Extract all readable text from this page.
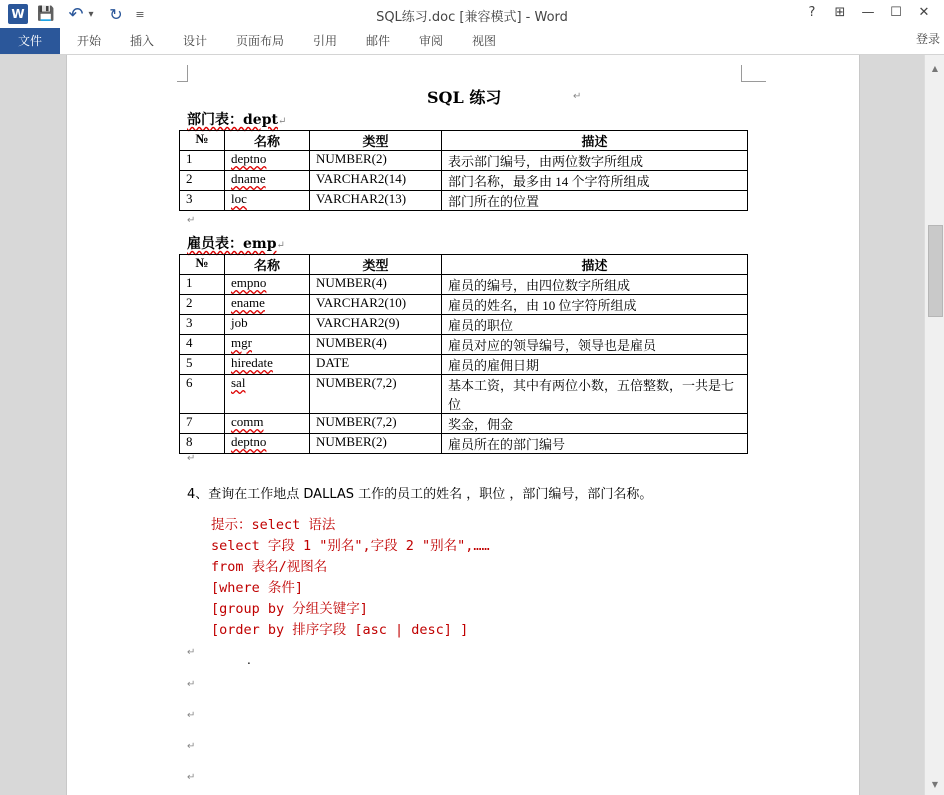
W 💾 ↶ ▾ ↻	≡	SQL练习.doc [兼容模式] - Word	?	⊞	—	☐	✕
文件	开始 插入 设计 页面布局 引用 邮件 审阅 视图	登录
SQL 练习	↵
部门表：dept↵
№	名称	类型	描述
1	deptno	NUMBER(2)	表示部门编号，由两位数字所组成
2	dname	VARCHAR2(14)	部门名称，最多由 14 个字符所组成
3	loc	VARCHAR2(13)	部门所在的位置
↵
雇员表：emp↵
№	名称	类型	描述
1	empno	NUMBER(4)	雇员的编号，由四位数字所组成
2	ename	VARCHAR2(10)	雇员的姓名，由 10 位字符所组成
3	job	VARCHAR2(9)	雇员的职位
4	mgr	NUMBER(4)	雇员对应的领导编号，领导也是雇员
5	hiredate	DATE	雇员的雇佣日期
6	sal	NUMBER(7,2)	基本工资，其中有两位小数，五倍整数，一共是七位
7	comm	NUMBER(7,2)	奖金，佣金
8	deptno	NUMBER(2)	雇员所在的部门编号
↵
4、查询在工作地点 DALLAS 工作的员工的姓名 ，职位 ，部门编号，部门名称。
提示：select 语法
select 字段 1 "别名",字段 2 "别名",……
from 表名/视图名
[where 条件]
[group by 分组关键字]
[order by 排序字段 [asc | desc] ]
↵
.
↵
↵
↵
↵
▲
▼
